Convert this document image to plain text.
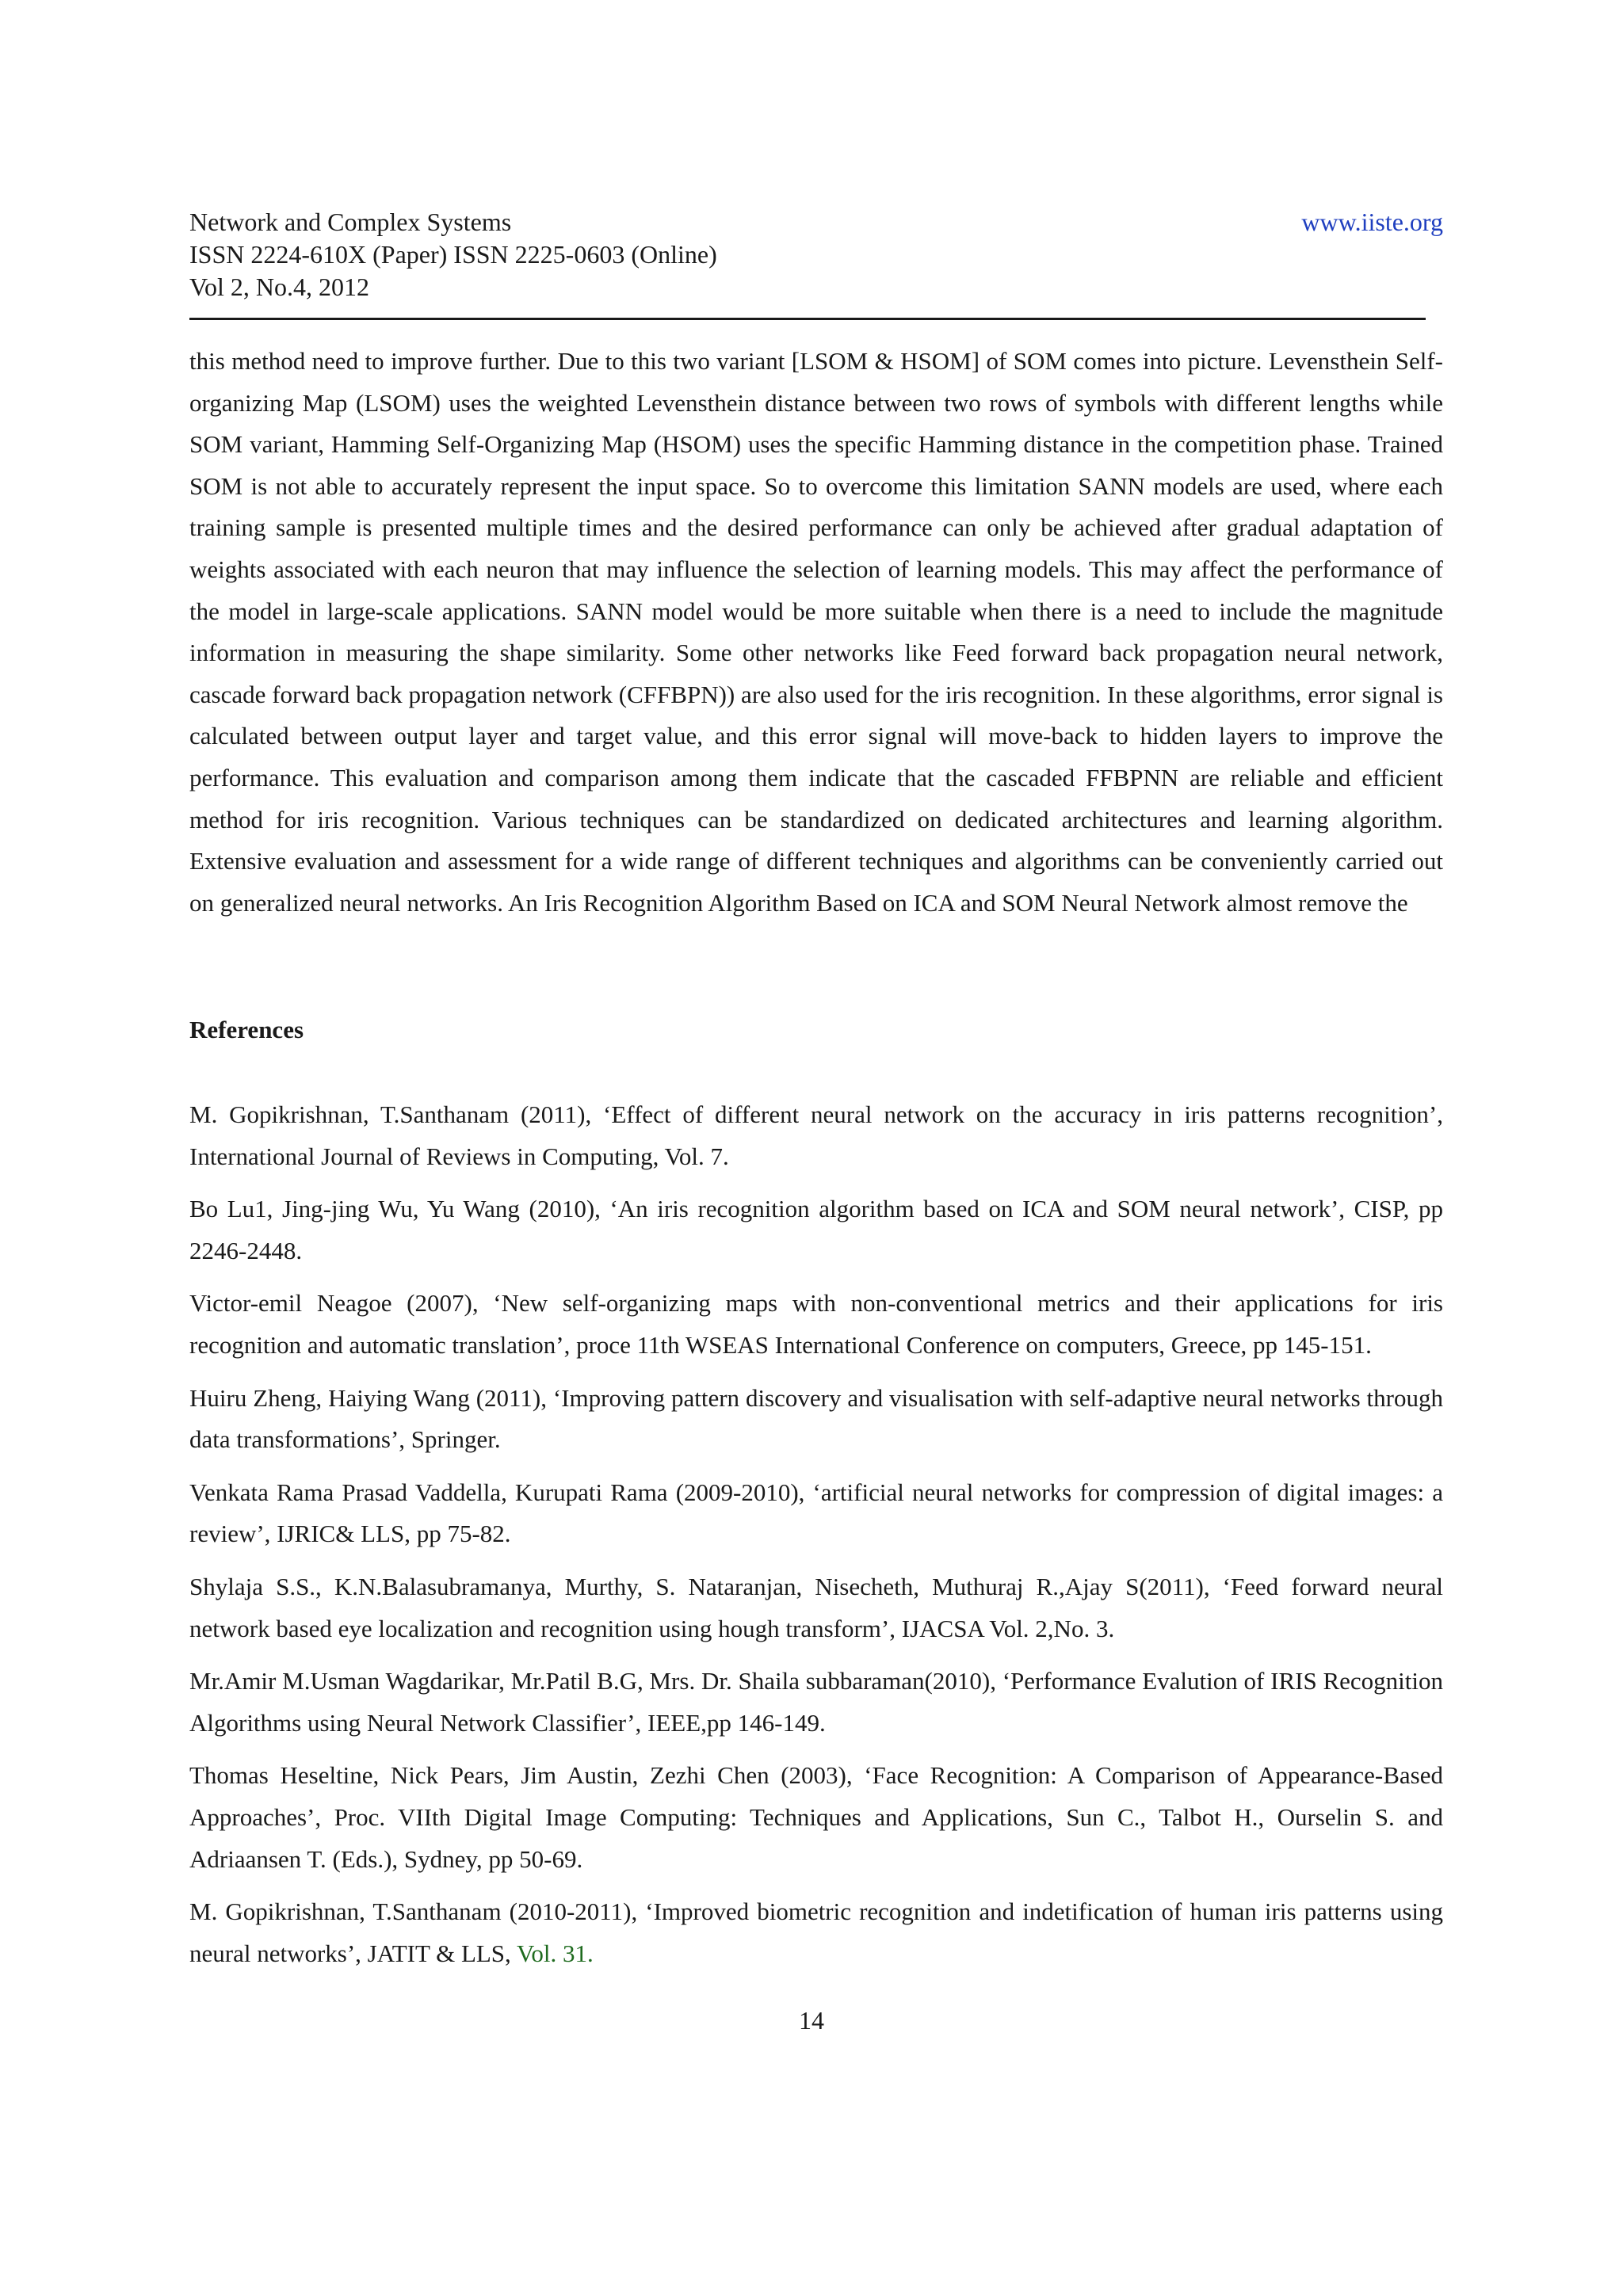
Network and Complex Systems
ISSN 2224-610X (Paper) ISSN 2225-0603 (Online)
Vol 2, No.4, 2012
www.iiste.org

this method need to improve further. Due to this two variant [LSOM & HSOM] of SOM comes into picture. Levensthein Self-organizing Map (LSOM) uses the weighted Levensthein distance between two rows of symbols with different lengths while SOM variant, Hamming Self-Organizing Map (HSOM) uses the specific Hamming distance in the competition phase. Trained SOM is not able to accurately represent the input space. So to overcome this limitation SANN models are used, where each training sample is presented multiple times and the desired performance can only be achieved after gradual adaptation of weights associated with each neuron that may influence the selection of learning models. This may affect the performance of the model in large-scale applications. SANN model would be more suitable when there is a need to include the magnitude information in measuring the shape similarity. Some other networks like Feed forward back propagation neural network, cascade forward back propagation network (CFFBPN)) are also used for the iris recognition. In these algorithms, error signal is calculated between output layer and target value, and this error signal will move-back to hidden layers to improve the performance. This evaluation and comparison among them indicate that the cascaded FFBPNN are reliable and efficient method for iris recognition. Various techniques can be standardized on dedicated architectures and learning algorithm. Extensive evaluation and assessment for a wide range of different techniques and algorithms can be conveniently carried out on generalized neural networks. An Iris Recognition Algorithm Based on ICA and SOM Neural Network almost remove the

References

M. Gopikrishnan, T.Santhanam (2011), ‘Effect of different neural network on the accuracy in iris patterns recognition’, International Journal of Reviews in Computing, Vol. 7.

Bo Lu1, Jing-jing Wu, Yu Wang (2010), ‘An iris recognition algorithm based on ICA and SOM neural network’, CISP, pp 2246-2448.

Victor-emil Neagoe (2007), ‘New self-organizing maps with non-conventional metrics and their applications for iris recognition and automatic translation’, proce 11th WSEAS International Conference on computers, Greece, pp 145-151.

Huiru Zheng, Haiying Wang (2011), ‘Improving pattern discovery and visualisation with self-adaptive neural networks through data transformations’, Springer.

Venkata Rama Prasad Vaddella, Kurupati Rama (2009-2010), ‘artificial neural networks for compression of digital images: a review’, IJRIC& LLS, pp 75-82.

Shylaja S.S., K.N.Balasubramanya, Murthy, S. Nataranjan, Nisecheth, Muthuraj R.,Ajay S(2011), ‘Feed forward neural network based eye localization and recognition using hough transform’, IJACSA Vol. 2,No. 3.

Mr.Amir M.Usman Wagdarikar, Mr.Patil B.G, Mrs. Dr. Shaila subbaraman(2010), ‘Performance Evalution of IRIS Recognition Algorithms using Neural Network Classifier’, IEEE,pp 146-149.

Thomas Heseltine, Nick Pears, Jim Austin, Zezhi Chen (2003), ‘Face Recognition: A Comparison of Appearance-Based Approaches’, Proc. VIIth Digital Image Computing: Techniques and Applications, Sun C., Talbot H., Ourselin S. and Adriaansen T. (Eds.), Sydney, pp 50-69.

M. Gopikrishnan, T.Santhanam (2010-2011), ‘Improved biometric recognition and indetification of human iris patterns using neural networks’, JATIT & LLS, Vol. 31.

14
